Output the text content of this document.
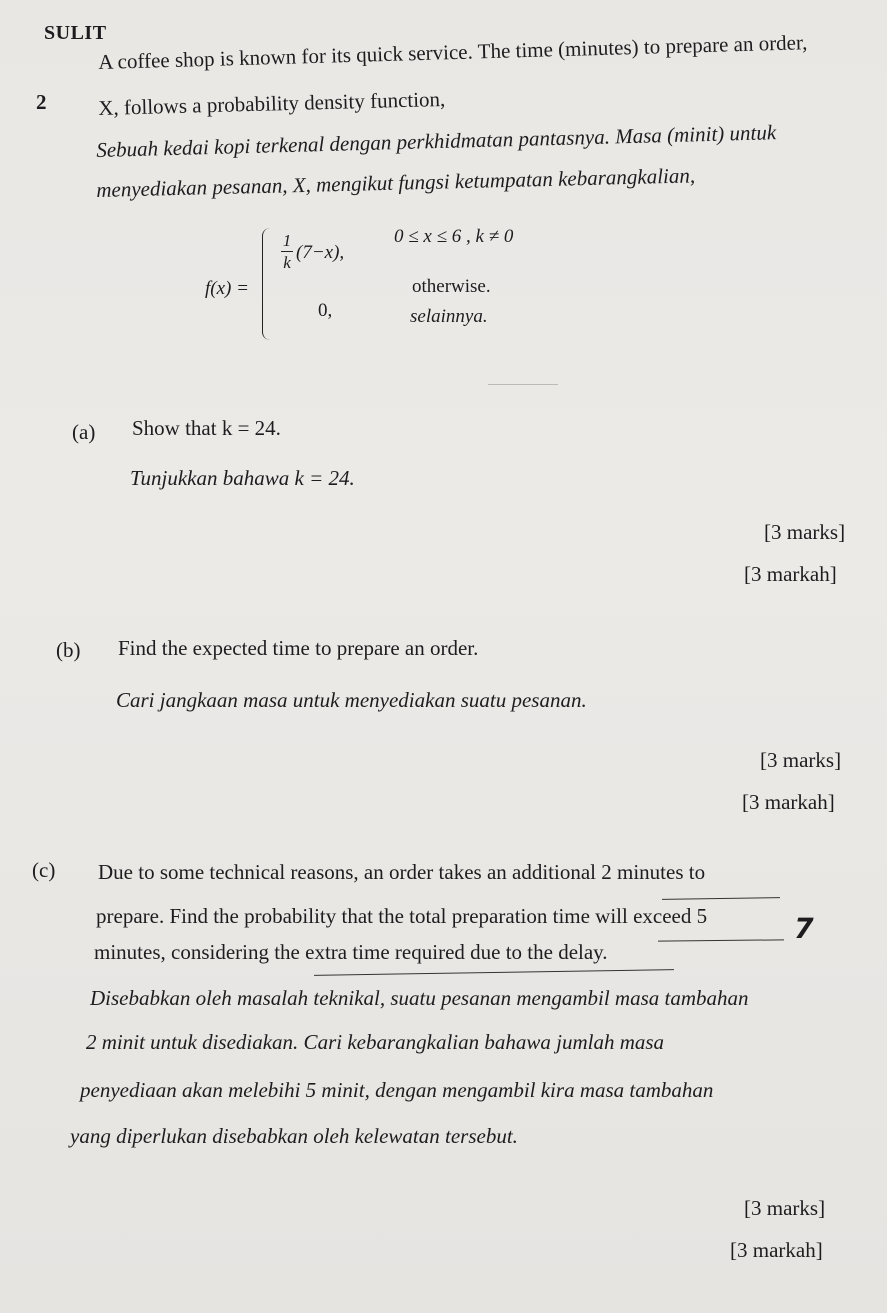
SULIT
2
A coffee shop is known for its quick service. The time (minutes) to prepare an order,
X, follows a probability density function,
Sebuah kedai kopi terkenal dengan perkhidmatan pantasnya. Masa (minit) untuk
menyediakan pesanan, X, mengikut fungsi ketumpatan kebarangkalian,
f(x) =
1
k (7−x),
0 ≤ x ≤ 6 , k ≠ 0
otherwise.
0,	selainnya.
(a) Show that k = 24.
Tunjukkan bahawa k = 24.
[3 marks]
[3 markah]
(b) Find the expected time to prepare an order.
Cari jangkaan masa untuk menyediakan suatu pesanan.
[3 marks]
[3 markah]
(c) Due to some technical reasons, an order takes an additional 2 minutes to
prepare. Find the probability that the total preparation time will exceed 5
minutes, considering the extra time required due to the delay.
7
Disebabkan oleh masalah teknikal, suatu pesanan mengambil masa tambahan
2 minit untuk disediakan. Cari kebarangkalian bahawa jumlah masa
penyediaan akan melebihi 5 minit, dengan mengambil kira masa tambahan
yang diperlukan disebabkan oleh kelewatan tersebut.
[3 marks]
[3 markah]
